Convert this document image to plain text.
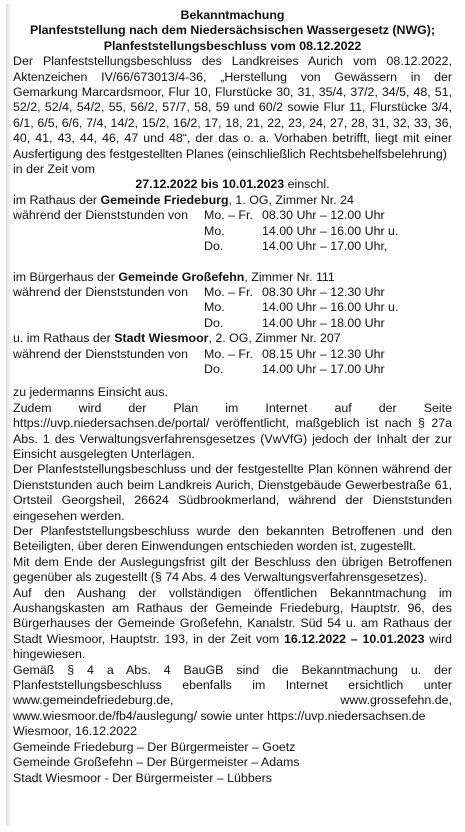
Bekanntmachung
Planfeststellung nach dem Niedersächsischen Wassergesetz (NWG);
Planfeststellungsbeschluss vom 08.12.2022

Der Planfeststellungsbeschluss des Landkreises Aurich vom 08.12.2022, Aktenzeichen IV/66/673013/4-36, „Herstellung von Gewässern in der Gemarkung Marcardsmoor, Flur 10, Flurstücke 30, 31, 35/4, 37/2, 34/5, 48, 51, 52/2, 52/4, 54/2, 55, 56/2, 57/7, 58, 59 und 60/2 sowie Flur 11, Flurstücke 3/4, 6/1, 6/5, 6/6, 7/4, 14/2, 15/2, 16/2, 17, 18, 21, 22, 23, 24, 27, 28, 31, 32, 33, 36, 40, 41, 43, 44, 46, 47 und 48“, der das o. a. Vorhaben betrifft, liegt mit einer Ausfertigung des festgestellten Planes (einschließlich Rechtsbehelfsbelehrung)

in der Zeit vom
27.12.2022 bis 10.01.2023 einschl.
im Rathaus der Gemeinde Friedeburg, 1. OG, Zimmer Nr. 24
während der Dienststunden von	Mo. – Fr. 08.30 Uhr – 12.00 Uhr
Mo.	14.00 Uhr – 16.00 Uhr u.
Do.	14.00 Uhr – 17.00 Uhr,
im Bürgerhaus der Gemeinde Großefehn, Zimmer Nr. 111
während der Dienststunden von	Mo. – Fr. 08.30 Uhr – 12.30 Uhr
Mo.	14.00 Uhr – 16.00 Uhr u.
Do.	14.00 Uhr – 18.00 Uhr
u. im Rathaus der Stadt Wiesmoor, 2. OG, Zimmer Nr. 207
während der Dienststunden von	Mo. – Fr. 08.15 Uhr – 12.30 Uhr
Do.	14.00 Uhr – 17.00 Uhr
zu jedermanns Einsicht aus.

Zudem wird der Plan im Internet auf der Seite https://uvp.niedersachsen.de/portal/ veröffentlicht, maßgeblich ist nach § 27a Abs. 1 des Verwaltungsverfahrensgesetzes (VwVfG) jedoch der Inhalt der zur Einsicht ausgelegten Unterlagen.

Der Planfeststellungsbeschluss und der festgestellte Plan können während der Dienststunden auch beim Landkreis Aurich, Dienstgebäude Gewerbestraße 61, Ortsteil Georgsheil, 26624 Südbrookmerland, während der Dienststunden eingesehen werden.

Der Planfeststellungsbeschluss wurde den bekannten Betroffenen und den Beteiligten, über deren Einwendungen entschieden worden ist, zugestellt.

Mit dem Ende der Auslegungsfrist gilt der Beschluss den übrigen Betroffenen gegenüber als zugestellt (§ 74 Abs. 4 des Verwaltungsverfahrensgesetzes).

Auf den Aushang der vollständigen öffentlichen Bekanntmachung im Aushangskasten am Rathaus der Gemeinde Friedeburg, Hauptstr. 96, des Bürgerhauses der Gemeinde Großefehn, Kanalstr. Süd 54 u. am Rathaus der Stadt Wiesmoor, Hauptstr. 193, in der Zeit vom 16.12.2022 – 10.01.2023 wird hingewiesen.

Gemäß § 4 a Abs. 4 BauGB sind die Bekanntmachung u. der Planfeststellungsbeschluss ebenfalls im Internet ersichtlich unter www.gemeindefriedeburg.de, www.grossefehn.de, www.wiesmoor.de/fb4/auslegung/ sowie unter https://uvp.niedersachsen.de

Wiesmoor, 16.12.2022
Gemeinde Friedeburg – Der Bürgermeister – Goetz
Gemeinde Großefehn – Der Bürgermeister – Adams
Stadt Wiesmoor - Der Bürgermeister – Lübbers
